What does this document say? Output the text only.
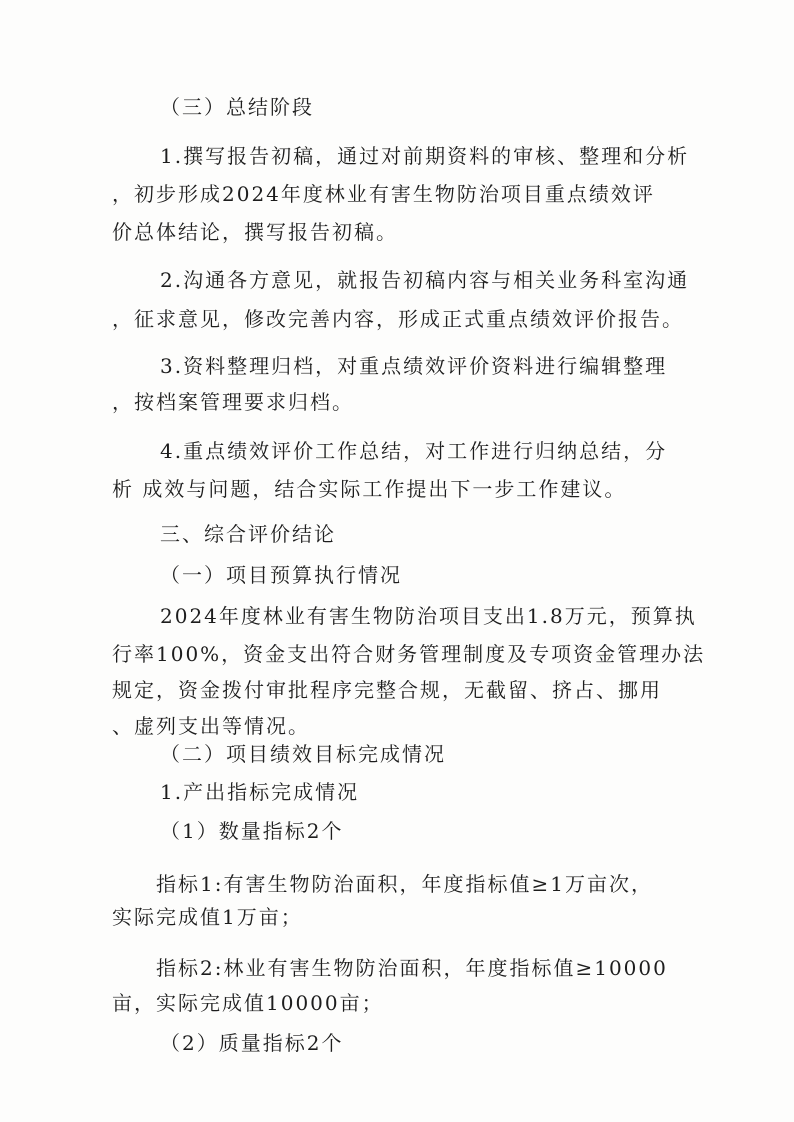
（三）总结阶段
1.撰写报告初稿，通过对前期资料的审核、整理和分析
，初步形成2024年度林业有害生物防治项目重点绩效评
价总体结论，撰写报告初稿。
2.沟通各方意见，就报告初稿内容与相关业务科室沟通
，征求意见，修改完善内容，形成正式重点绩效评价报告。
3.资料整理归档，对重点绩效评价资料进行编辑整理
，按档案管理要求归档。
4.重点绩效评价工作总结，对工作进行归纳总结，分
析 成效与问题，结合实际工作提出下一步工作建议。
三、综合评价结论
（一）项目预算执行情况
2024年度林业有害生物防治项目支出1.8万元，预算执
行率100%，资金支出符合财务管理制度及专项资金管理办法
规定，资金拨付审批程序完整合规，无截留、挤占、挪用
、虚列支出等情况。
（二）项目绩效目标完成情况
1.产出指标完成情况
（1）数量指标2个
指标1:有害生物防治面积，年度指标值≥1万亩次，
实际完成值1万亩；
指标2:林业有害生物防治面积，年度指标值≥10000
亩，实际完成值10000亩；
（2）质量指标2个
